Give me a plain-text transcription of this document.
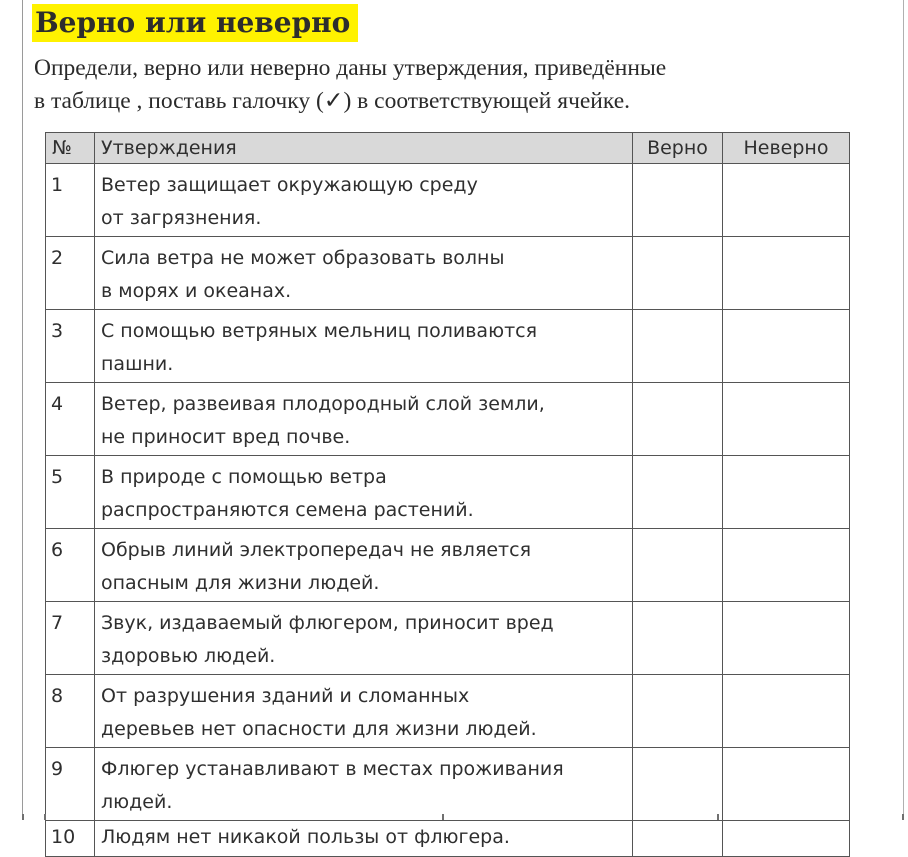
Верно или неверно
Определи, верно или неверно даны утверждения, приведённые
в таблице , поставь галочку (✓) в соответствующей ячейке.
№	Утверждения	Верно	Неверно
1	Ветер защищает окружающую среду
от загрязнения.		

2	Сила ветра не может образовать волны
в морях и океанах.		

3	С помощью ветряных мельниц поливаются
пашни.		

4	Ветер, развеивая плодородный слой земли,
не приносит вред почве.		

5	В природе с помощью ветра
распространяются семена растений.		

6	Обрыв линий электропередач не является
опасным для жизни людей.		

7	Звук, издаваемый флюгером, приносит вред
здоровью людей.		

8	От разрушения зданий и сломанных
деревьев нет опасности для жизни людей.		

9	Флюгер устанавливают в местах проживания
людей.		

10	Людям нет никакой пользы от флюгера.		
